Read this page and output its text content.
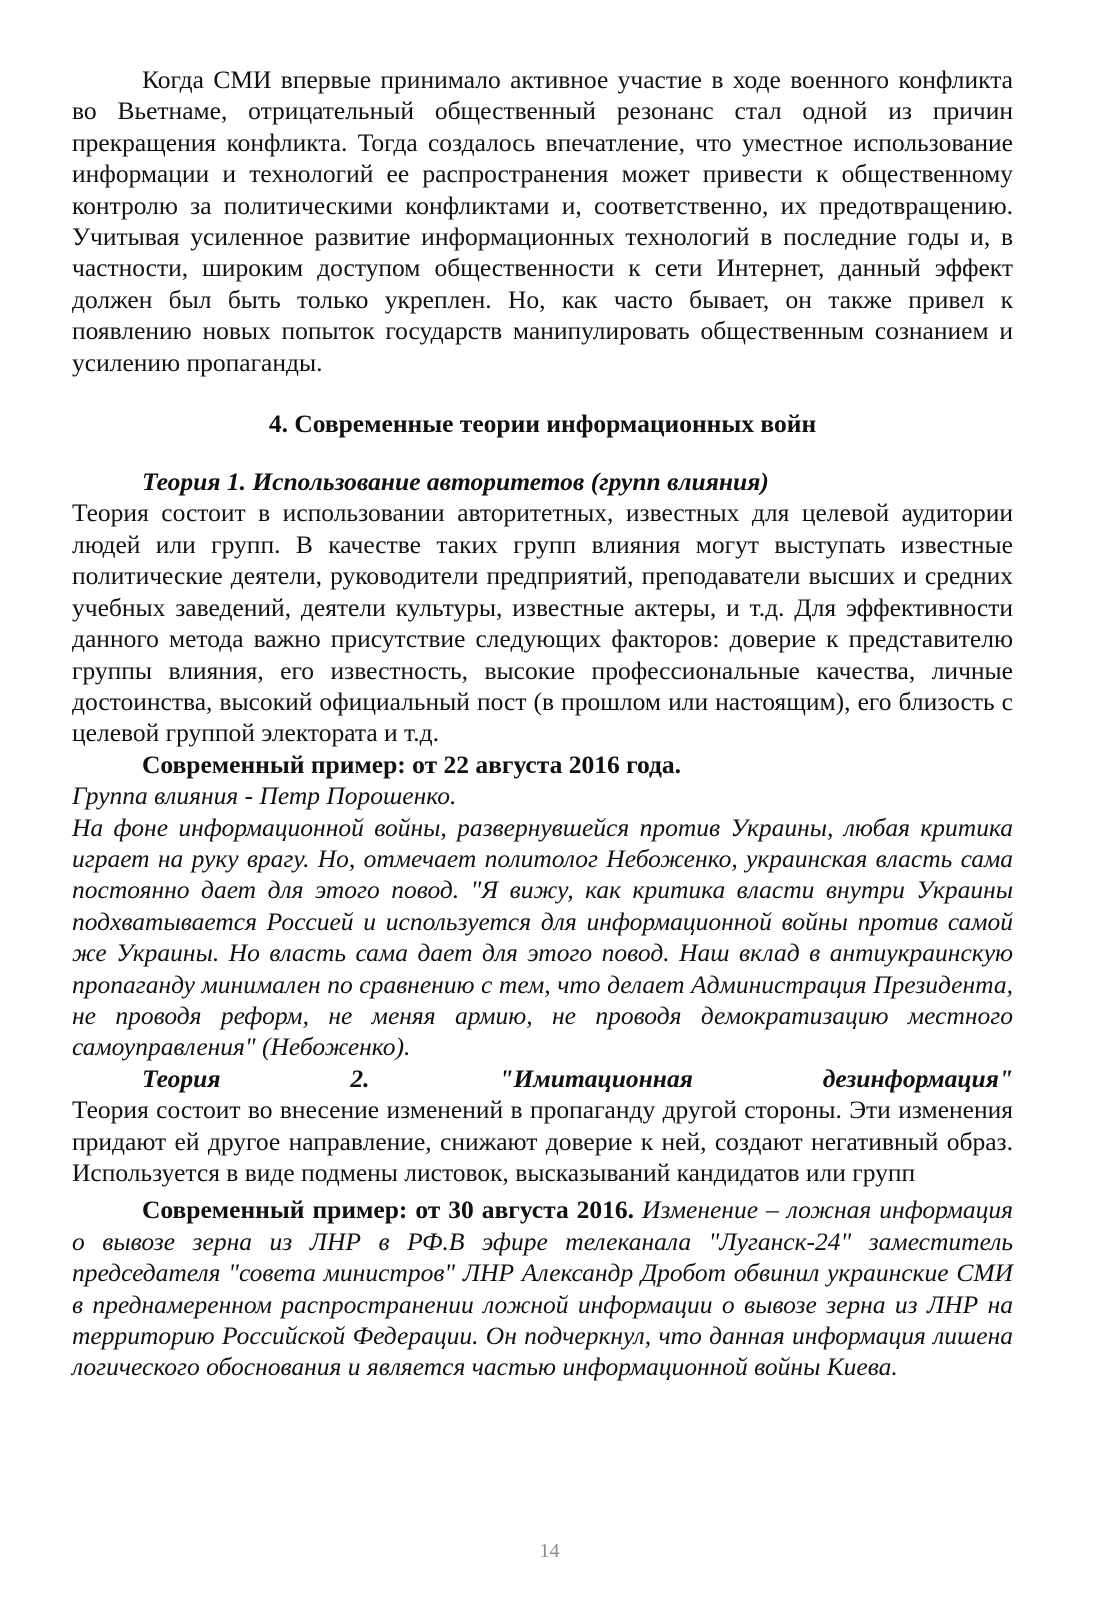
Когда СМИ впервые принимало активное участие в ходе военного конфликта во Вьетнаме, отрицательный общественный резонанс стал одной из причин прекращения конфликта. Тогда создалось впечатление, что уместное использование информации и технологий ее распространения может привести к общественному контролю за политическими конфликтами и, соответственно, их предотвращению. Учитывая усиленное развитие информационных технологий в последние годы и, в частности, широким доступом общественности к сети Интернет, данный эффект должен был быть только укреплен. Но, как часто бывает, он также привел к появлению новых попыток государств манипулировать общественным сознанием и усилению пропаганды.

4. Современные теории информационных войн

Теория 1. Использование авторитетов (групп влияния)

Теория состоит в использовании авторитетных, известных для целевой аудитории людей или групп. В качестве таких групп влияния могут выступать известные политические деятели, руководители предприятий, преподаватели высших и средних учебных заведений, деятели культуры, известные актеры, и т.д. Для эффективности данного метода важно присутствие следующих факторов: доверие к представителю группы влияния, его известность, высокие профессиональные качества, личные достоинства, высокий официальный пост (в прошлом или настоящим), его близость с целевой группой электората и т.д.

Современный пример: от 22 августа 2016 года.

Группа влияния - Петр Порошенко.

На фоне информационной войны, развернувшейся против Украины, любая критика играет на руку врагу. Но, отмечает политолог Небоженко, украинская власть сама постоянно дает для этого повод. "Я вижу, как критика власти внутри Украины подхватывается Россией и используется для информационной войны против самой же Украины. Но власть сама дает для этого повод. Наш вклад в антиукраинскую пропаганду минимален по сравнению с тем, что делает Администрация Президента, не проводя реформ, не меняя армию, не проводя демократизацию местного самоуправления" (Небоженко).

Теория 2. "Имитационная дезинформация"

Теория состоит во внесение изменений в пропаганду другой стороны. Эти изменения придают ей другое направление, снижают доверие к ней, создают негативный образ. Используется в виде подмены листовок, высказываний кандидатов или групп

Современный пример: от 30 августа 2016. Изменение – ложная информация о вывозе зерна из ЛНР в РФ.В эфире телеканала "Луганск-24" заместитель председателя "совета министров" ЛНР Александр Дробот обвинил украинские СМИ в преднамеренном распространении ложной информации о вывозе зерна из ЛНР на территорию Российской Федерации. Он подчеркнул, что данная информация лишена логического обоснования и является частью информационной войны Киева.

14
